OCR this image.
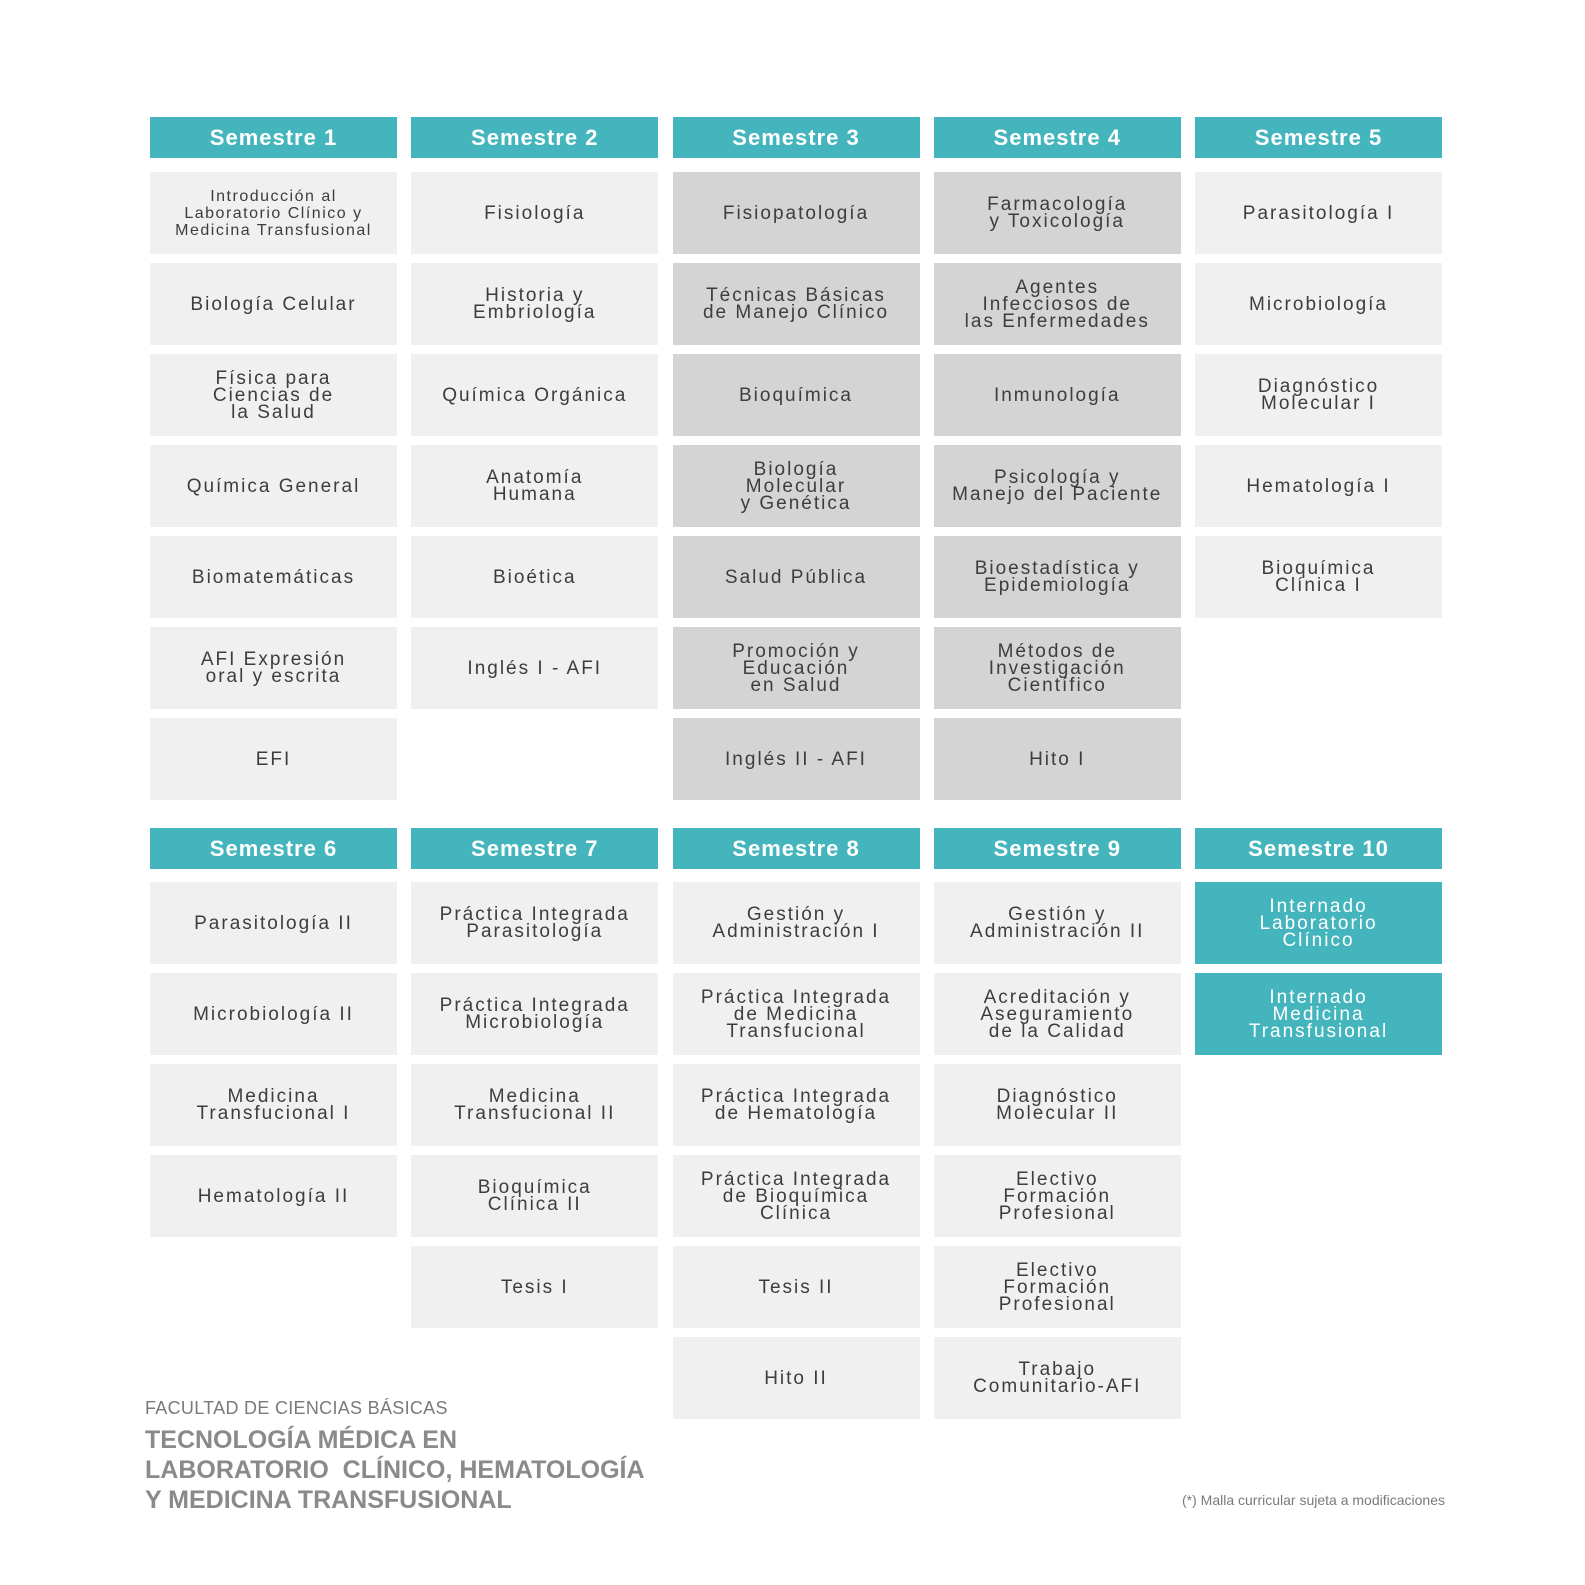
Semestre 1
Introducción al
Laboratorio Clínico y
Medicina Transfusional
Biología Celular
Física para
Ciencias de
la Salud
Química General
Biomatemáticas
AFI Expresión
oral y escrita
EFI
Semestre 2
Fisiología
Historia y
Embriología
Química Orgánica
Anatomía
Humana
Bioética
Inglés I - AFI
Semestre 3
Fisiopatología
Técnicas Básicas
de Manejo Clínico
Bioquímica
Biología
Molecular
y Genética
Salud Pública
Promoción y
Educación
en Salud
Inglés II - AFI
Semestre 4
Farmacología
y Toxicología
Agentes
Infecciosos de
las Enfermedades
Inmunología
Psicología y
Manejo del Paciente
Bioestadística y
Epidemiología
Métodos de
Investigación
Científico
Hito I
Semestre 5
Parasitología I
Microbiología
Diagnóstico
Molecular I
Hematología I
Bioquímica
Clínica I
Semestre 6
Parasitología II
Microbiología II
Medicina
Transfucional I
Hematología II
Semestre 7
Práctica Integrada
Parasitología
Práctica Integrada
Microbiología
Medicina
Transfucional II
Bioquímica
Clínica II
Tesis I
Semestre 8
Gestión y
Administración I
Práctica Integrada
de Medicina
Transfucional
Práctica Integrada
de Hematología
Práctica Integrada
de Bioquímica
Clínica
Tesis II
Hito II
Semestre 9
Gestión y
Administración II
Acreditación y
Aseguramiento
de la Calidad
Diagnóstico
Molecular II
Electivo
Formación
Profesional
Electivo
Formación
Profesional
Trabajo
Comunitario-AFI
Semestre 10
Internado
Laboratorio
Clínico
Internado
Medicina
Transfusional
FACULTAD DE CIENCIAS BÁSICAS
TECNOLOGÍA MÉDICA EN
LABORATORIO  CLÍNICO, HEMATOLOGÍA
Y MEDICINA TRANSFUSIONAL	(*) Malla curricular sujeta a modificaciones
